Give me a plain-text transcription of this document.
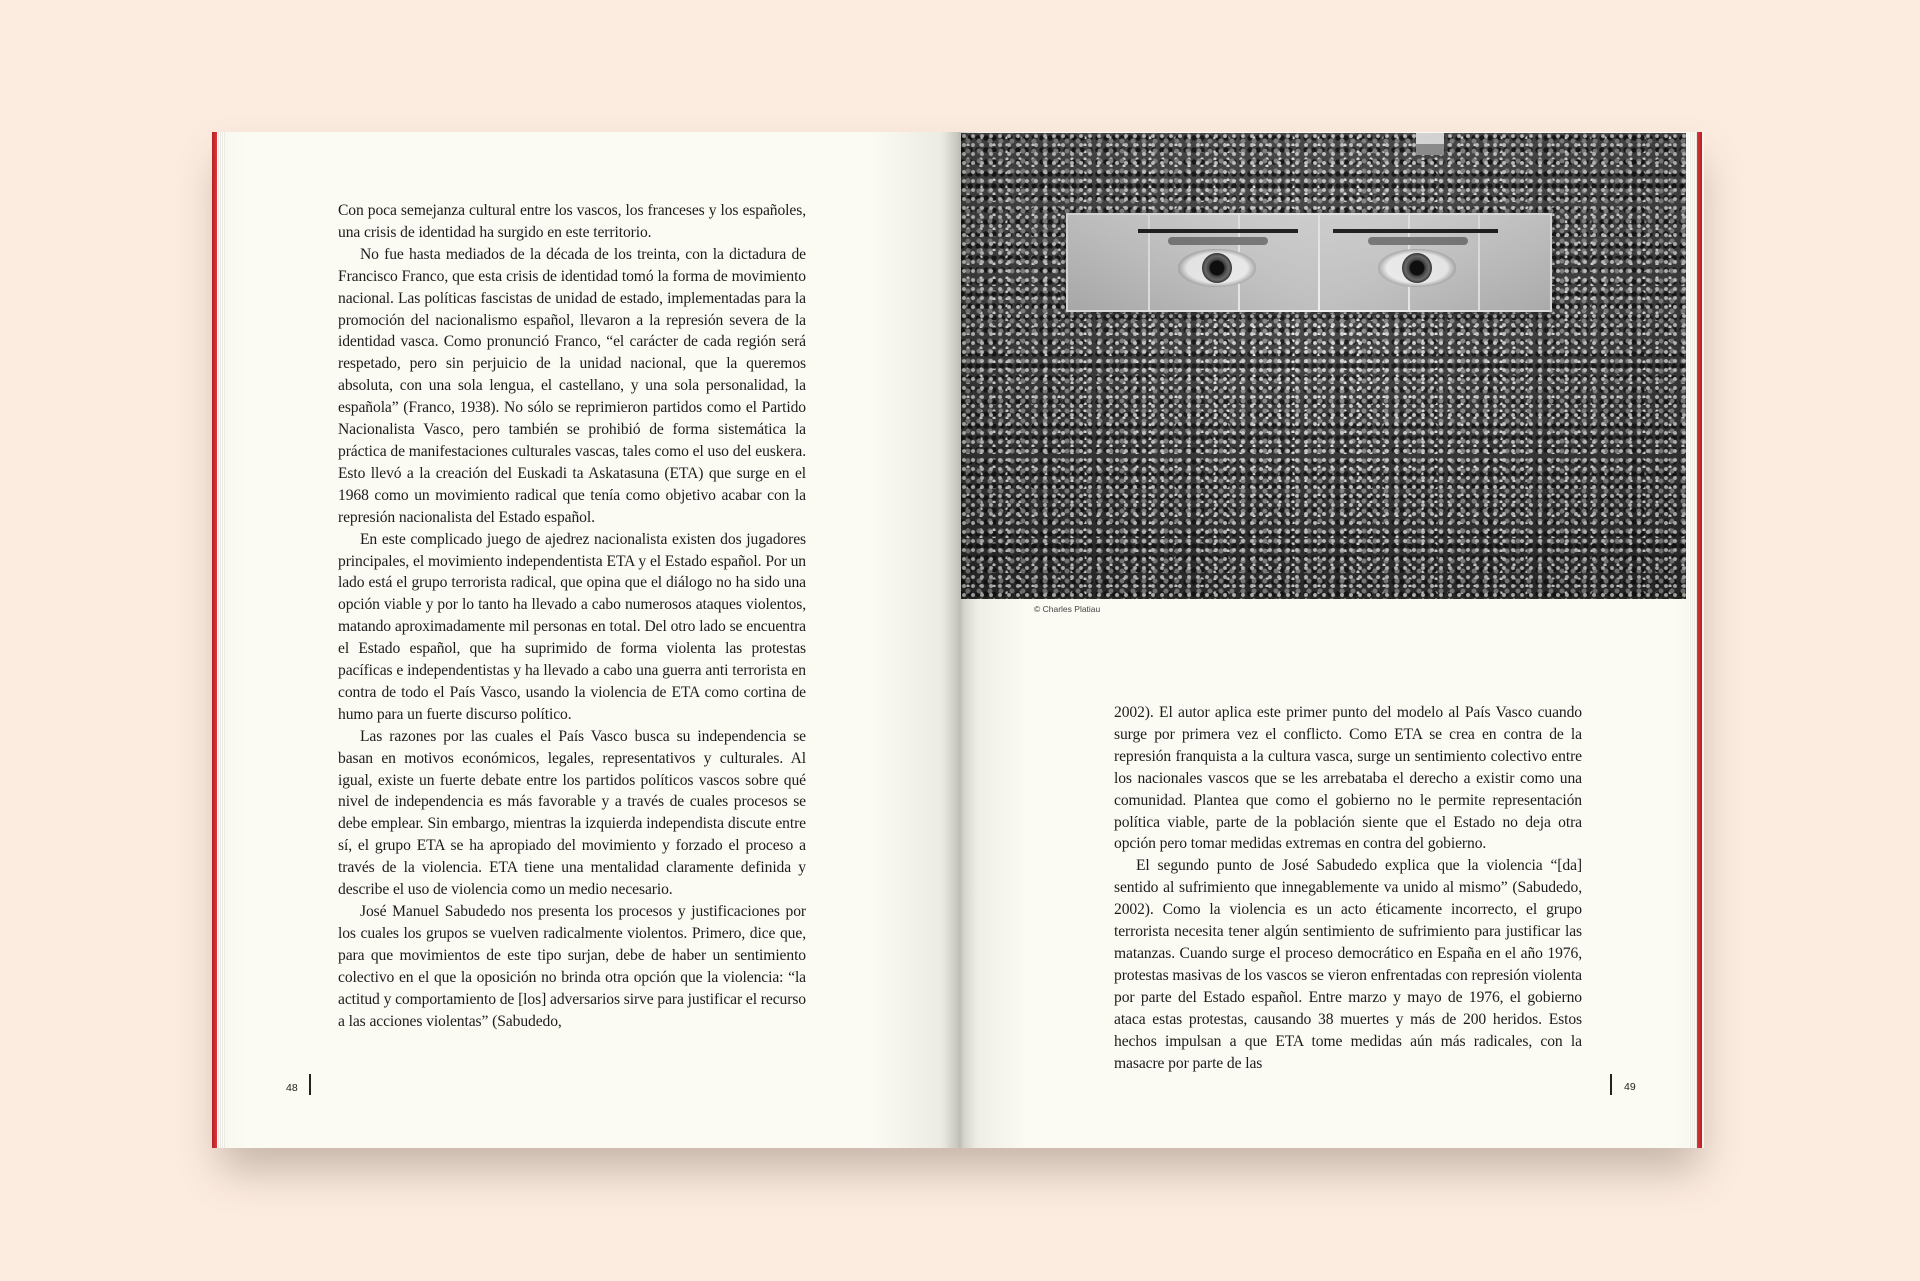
Con poca semejanza cultural entre los vascos, los franceses y los españoles, una crisis de identidad ha surgido en este territorio.

No fue hasta mediados de la década de los treinta, con la dictadura de Francisco Franco, que esta crisis de identidad tomó la forma de movimiento nacional. Las políticas fascistas de unidad de estado, implementadas para la promoción del nacionalismo español, llevaron a la represión severa de la identidad vasca. Como pronunció Franco, “el carácter de cada región será respetado, pero sin perjuicio de la unidad nacional, que la queremos absoluta, con una sola lengua, el castellano, y una sola personalidad, la española” (Franco, 1938). No sólo se reprimieron partidos como el Partido Nacionalista Vasco, pero también se prohibió de forma sistemática la práctica de manifestaciones culturales vascas, tales como el uso del euskera. Esto llevó a la creación del Euskadi ta Askatasuna (ETA) que surge en el 1968 como un movimiento radical que tenía como objetivo acabar con la represión nacionalista del Estado español.

En este complicado juego de ajedrez nacionalista existen dos jugadores principales, el movimiento independentista ETA y el Estado español. Por un lado está el grupo terrorista radical, que opina que el diálogo no ha sido una opción viable y por lo tanto ha llevado a cabo numerosos ataques violentos, matando aproximadamente mil personas en total. Del otro lado se encuentra el Estado español, que ha suprimido de forma violenta las protestas pacíficas e independentistas y ha llevado a cabo una guerra anti terrorista en contra de todo el País Vasco, usando la violencia de ETA como cortina de humo para un fuerte discurso político.

Las razones por las cuales el País Vasco busca su independencia se basan en motivos económicos, legales, representativos y culturales. Al igual, existe un fuerte debate entre los partidos políticos vascos sobre qué nivel de independencia es más favorable y a través de cuales procesos se debe emplear. Sin embargo, mientras la izquierda independista discute entre sí, el grupo ETA se ha apropiado del movimiento y forzado el proceso a través de la violencia. ETA tiene una mentalidad claramente definida y describe el uso de violencia como un medio necesario.

José Manuel Sabudedo nos presenta los procesos y justificaciones por los cuales los grupos se vuelven radicalmente violentos. Primero, dice que, para que movimientos de este tipo surjan, debe de haber un sentimiento colectivo en el que la oposición no brinda otra opción que la violencia: “la actitud y comportamiento de [los] adversarios sirve para justificar el recurso a las acciones violentas” (Sabudedo,

48
© Charles Platiau

2002). El autor aplica este primer punto del modelo al País Vasco cuando surge por primera vez el conflicto. Como ETA se crea en contra de la represión franquista a la cultura vasca, surge un sentimiento colectivo entre los nacionales vascos que se les arrebataba el derecho a existir como una comunidad. Plantea que como el gobierno no le permite representación política viable, parte de la población siente que el Estado no deja otra opción pero tomar medidas extremas en contra del gobierno.

El segundo punto de José Sabudedo explica que la violencia “[da] sentido al sufrimiento que innegablemente va unido al mismo” (Sabudedo, 2002). Como la violencia es un acto éticamente incorrecto, el grupo terrorista necesita tener algún sentimiento de sufrimiento para justificar las matanzas. Cuando surge el proceso democrático en España en el año 1976, protestas masivas de los vascos se vieron enfrentadas con represión violenta por parte del Estado español. Entre marzo y mayo de 1976, el gobierno ataca estas protestas, causando 38 muertes y más de 200 heridos. Estos hechos impulsan a que ETA tome medidas aún más radicales, con la masacre por parte de las

49
